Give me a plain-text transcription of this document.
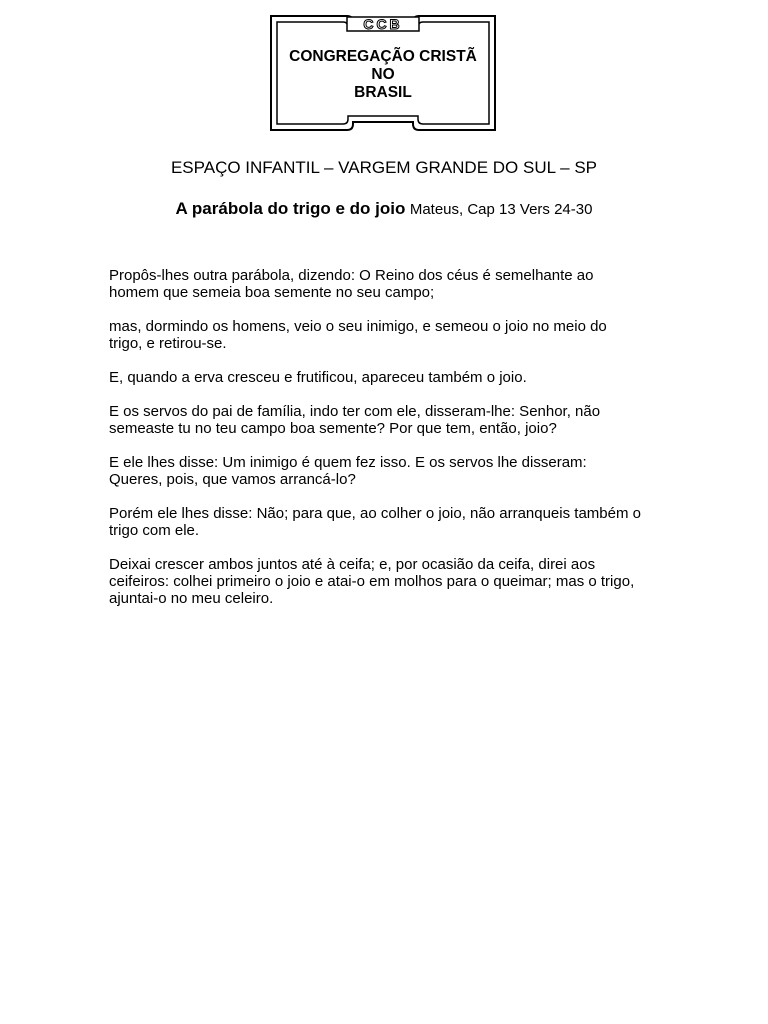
CCB
CONGREGAÇÃO CRISTÃ
NO
BRASIL
ESPAÇO INFANTIL – VARGEM GRANDE DO SUL – SP
A parábola do trigo e do joio Mateus, Cap 13 Vers 24-30

Propôs-lhes outra parábola, dizendo: O Reino dos céus é semelhante ao
homem que semeia boa semente no seu campo;

mas, dormindo os homens, veio o seu inimigo, e semeou o joio no meio do
trigo, e retirou-se.

E, quando a erva cresceu e frutificou, apareceu também o joio.

E os servos do pai de família, indo ter com ele, disseram-lhe: Senhor, não
semeaste tu no teu campo boa semente? Por que tem, então, joio?

E ele lhes disse: Um inimigo é quem fez isso. E os servos lhe disseram:
Queres, pois, que vamos arrancá-lo?

Porém ele lhes disse: Não; para que, ao colher o joio, não arranqueis também o
trigo com ele.

Deixai crescer ambos juntos até à ceifa; e, por ocasião da ceifa, direi aos
ceifeiros: colhei primeiro o joio e atai-o em molhos para o queimar; mas o trigo,
ajuntai-o no meu celeiro.
